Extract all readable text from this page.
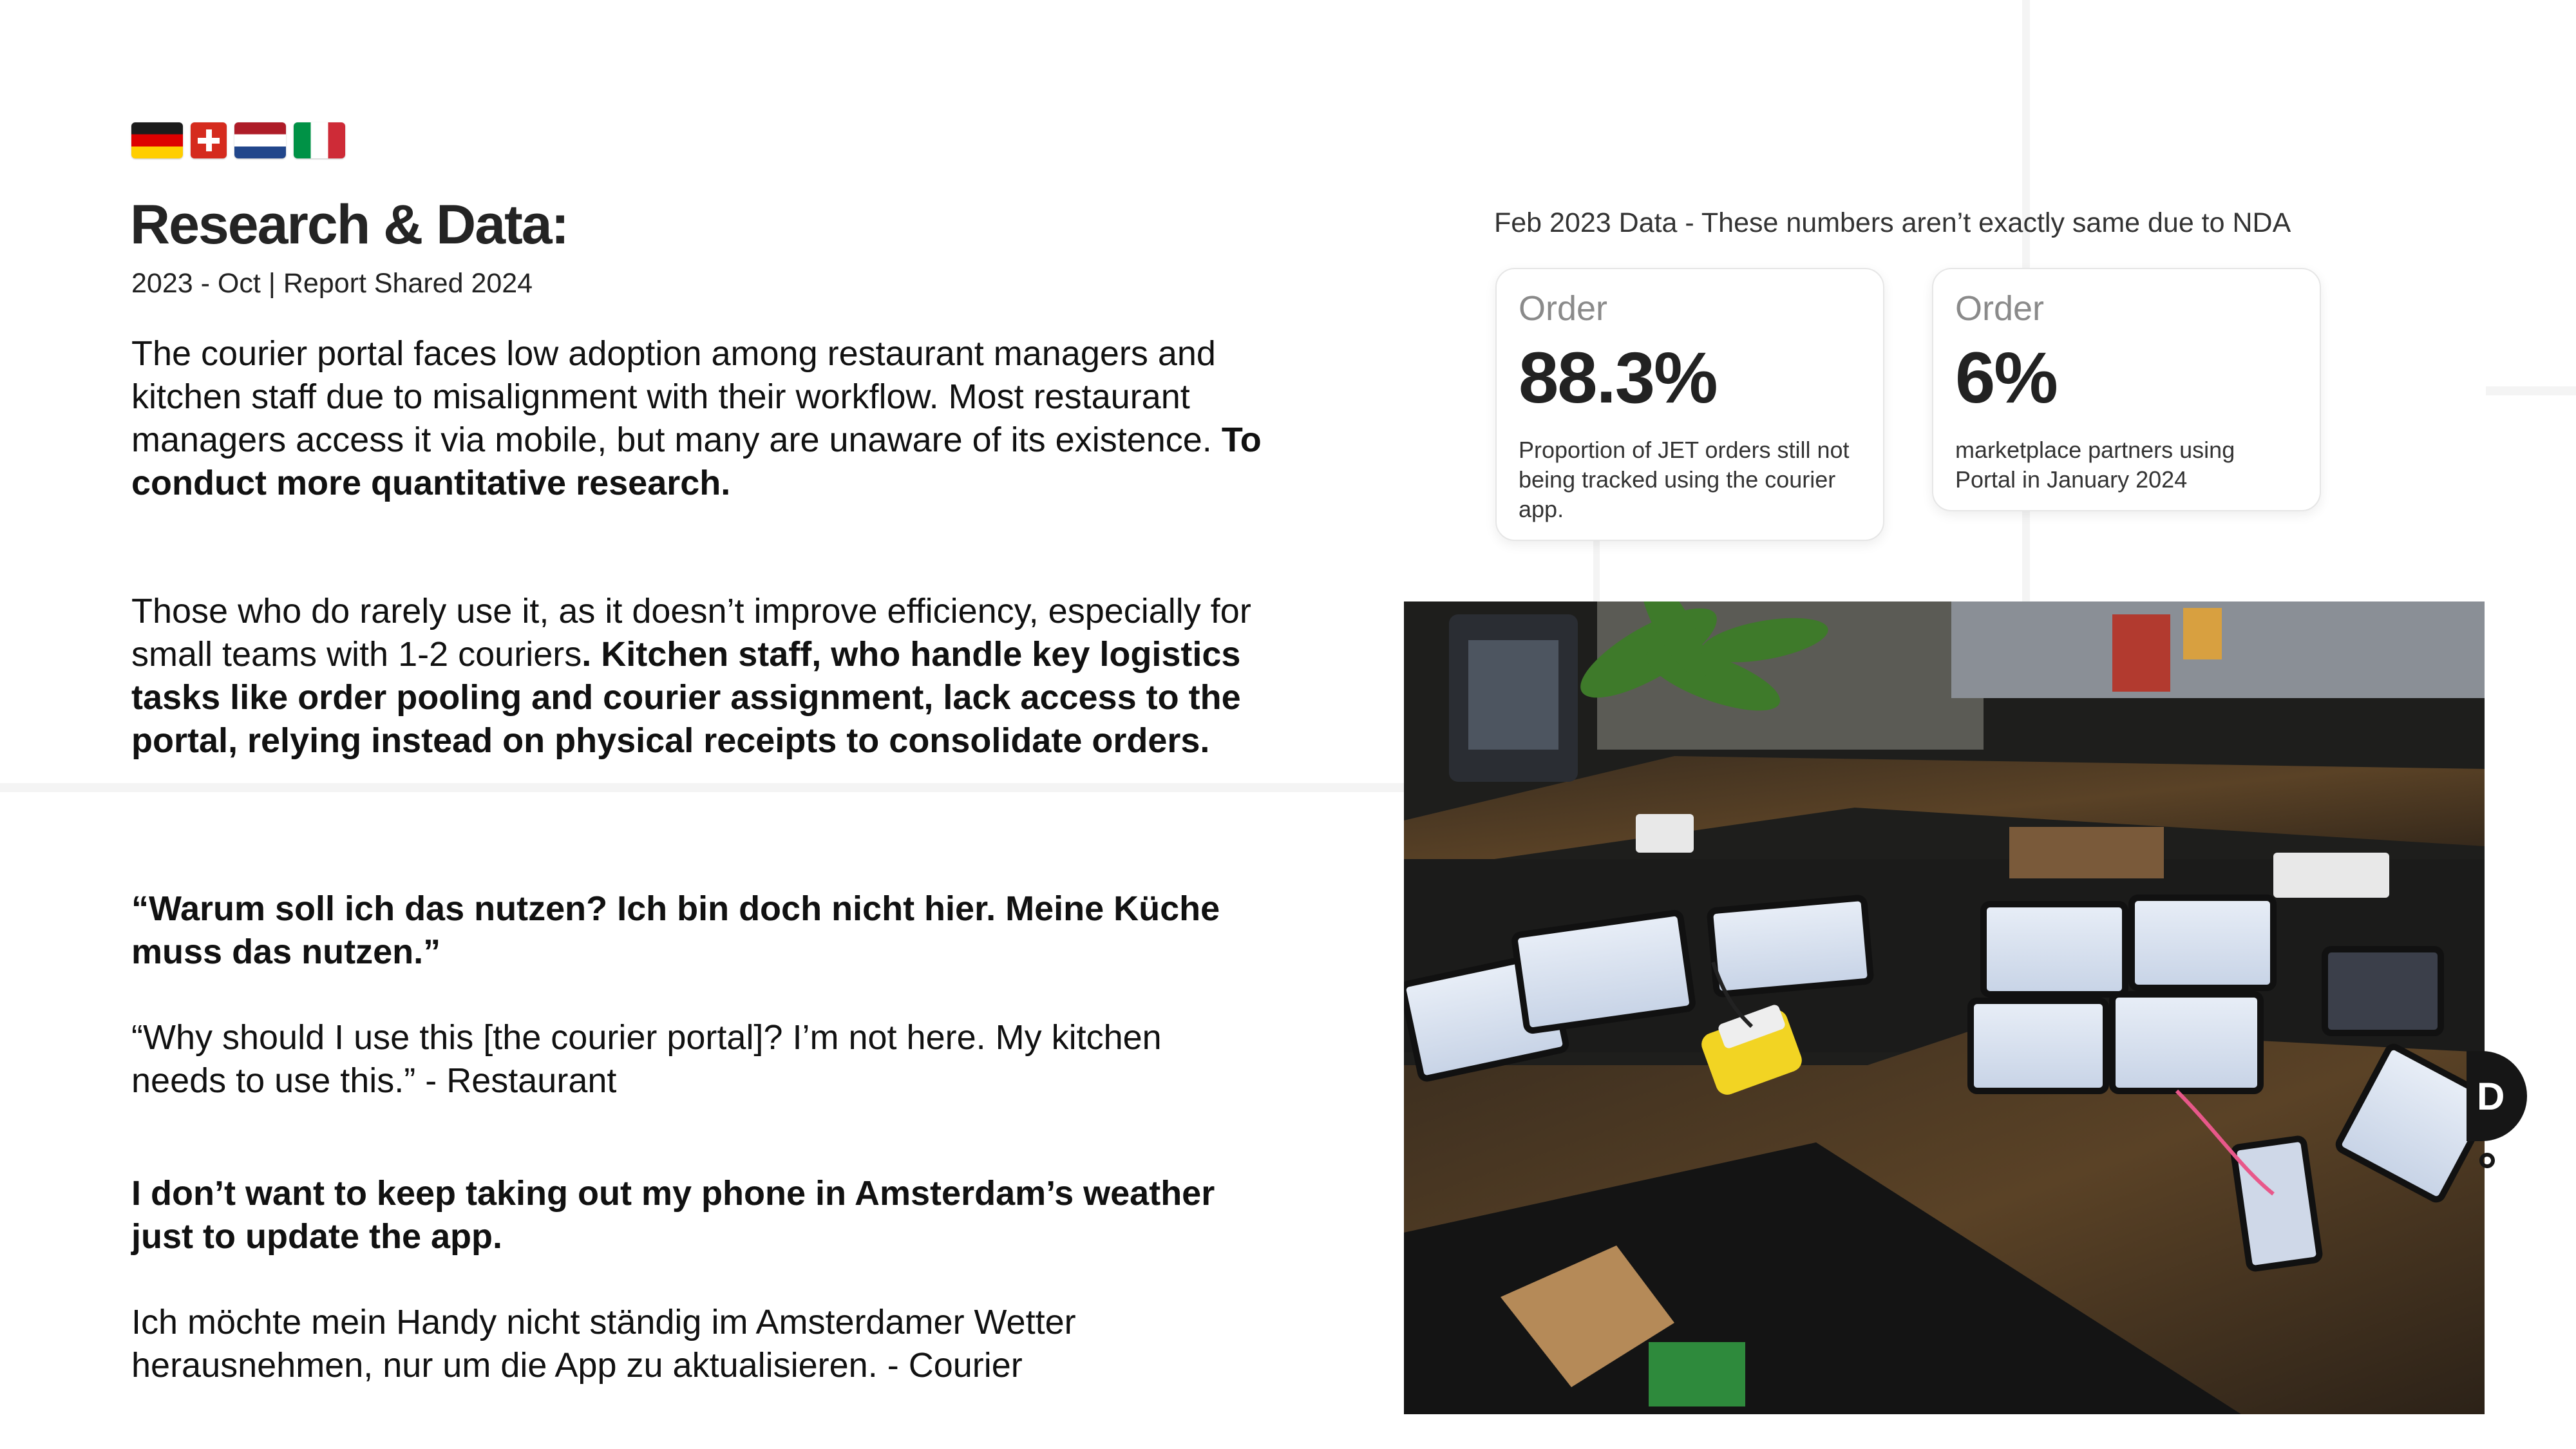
Research & Data:
2023 - Oct | Report Shared 2024
The courier portal faces low adoption among restaurant managers and kitchen staff due to misalignment with their workflow. Most restaurant managers access it via mobile, but many are unaware of its existence. To conduct more quantitative research.
Those who do rarely use it, as it doesn’t improve efficiency, especially for small teams with 1-2 couriers. Kitchen staff, who handle key logistics tasks like order pooling and courier assignment, lack access to the portal, relying instead on physical receipts to consolidate orders.
“Warum soll ich das nutzen? Ich bin doch nicht hier. Meine Küche muss das nutzen.”
“Why should I use this [the courier portal]? I’m not here. My kitchen needs to use this.” - Restaurant
I don’t want to keep taking out my phone in Amsterdam’s weather just to update the app.
Ich möchte mein Handy nicht ständig im Amsterdamer Wetter herausnehmen, nur um die App zu aktualisieren. - Courier
Feb 2023 Data - These numbers aren’t exactly same due to NDA
Order
88.3%
Proportion of JET orders still not being tracked using the courier app.
Order
6%
marketplace partners using Portal in January 2024
D
